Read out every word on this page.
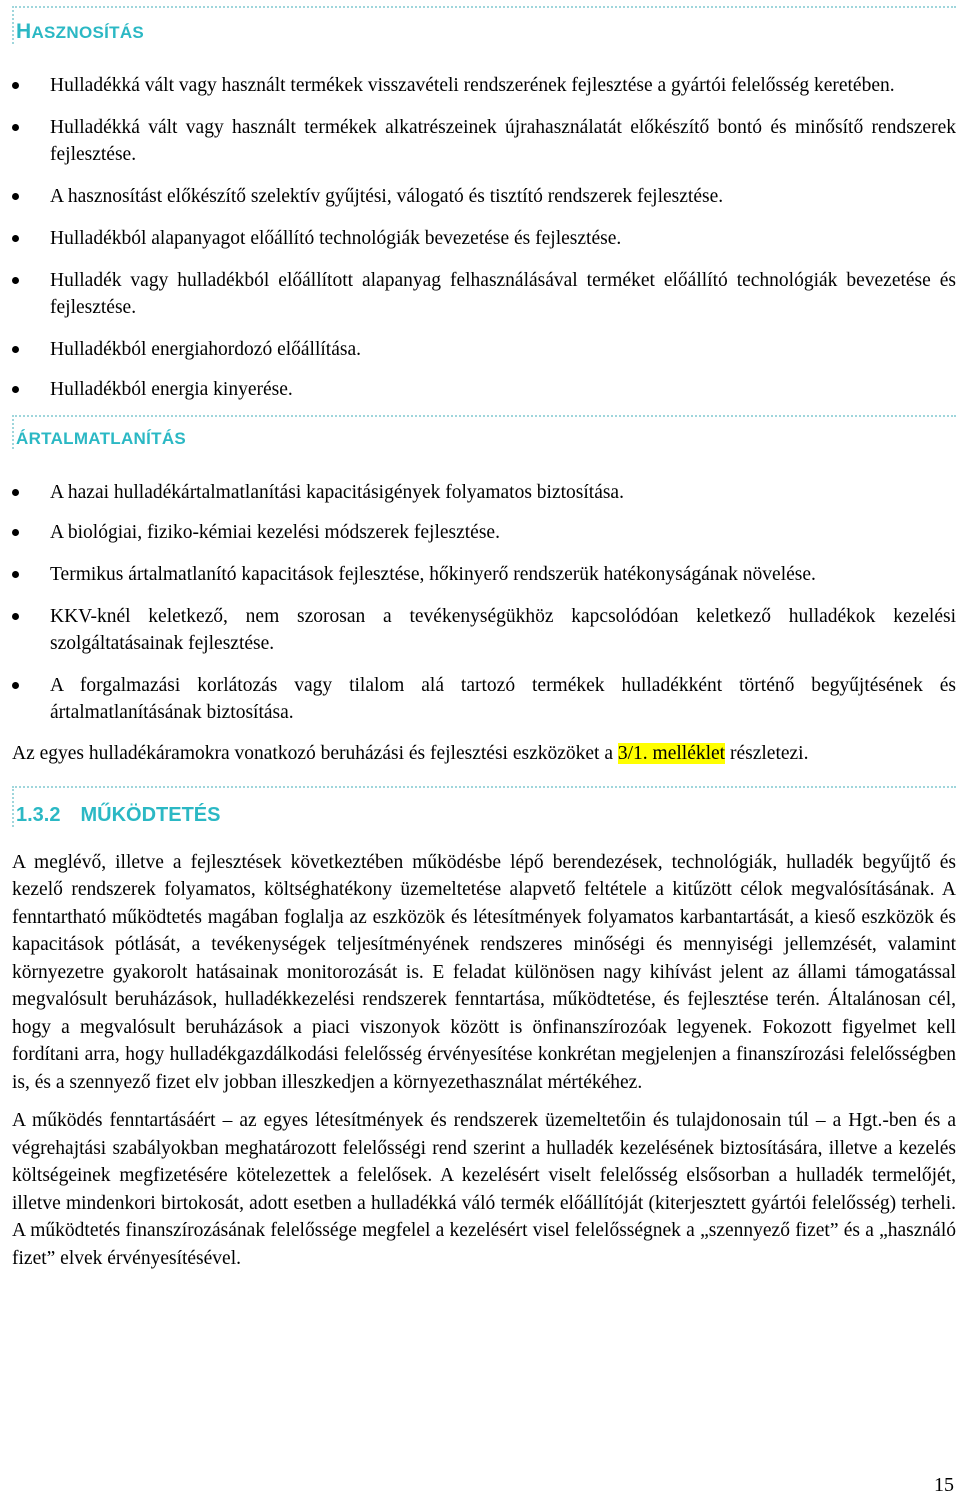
HASZNOSÍTÁS
Hulladékká vált vagy használt termékek visszavételi rendszerének fejlesztése a gyártói felelősség keretében.
Hulladékká vált vagy használt termékek alkatrészeinek újrahasználatát előkészítő bontó és minősítő rendszerek fejlesztése.
A hasznosítást előkészítő szelektív gyűjtési, válogató és tisztító rendszerek fejlesztése.
Hulladékból alapanyagot előállító technológiák bevezetése és fejlesztése.
Hulladék vagy hulladékból előállított alapanyag felhasználásával terméket előállító technológiák bevezetése és fejlesztése.
Hulladékból energiahordozó előállítása.
Hulladékból energia kinyerése.
ÁRTALMATLANÍTÁS
A hazai hulladékártalmatlanítási kapacitásigények folyamatos biztosítása.
A biológiai, fiziko-kémiai kezelési módszerek fejlesztése.
Termikus ártalmatlanító kapacitások fejlesztése, hőkinyerő rendszerük hatékonyságának növelése.
KKV-knél keletkező, nem szorosan a tevékenységükhöz kapcsolódóan keletkező hulladékok kezelési szolgáltatásainak fejlesztése.
A forgalmazási korlátozás vagy tilalom alá tartozó termékek hulladékként történő begyűjtésének és ártalmatlanításának biztosítása.

Az egyes hulladékáramokra vonatkozó beruházási és fejlesztési eszközöket a 3/1. melléklet részletezi.

1.3.2 MŰKÖDTETÉS

A meglévő, illetve a fejlesztések következtében működésbe lépő berendezések, technológiák, hulladék begyűjtő és kezelő rendszerek folyamatos, költséghatékony üzemeltetése alapvető feltétele a kitűzött célok megvalósításának. A fenntartható működtetés magában foglalja az eszközök és létesítmények folyamatos karbantartását, a kieső eszközök és kapacitások pótlását, a tevékenységek teljesítményének rendszeres minőségi és mennyiségi jellemzését, valamint környezetre gyakorolt hatásainak monitorozását is. E feladat különösen nagy kihívást jelent az állami támogatással megvalósult beruházások, hulladékkezelési rendszerek fenntartása, működtetése, és fejlesztése terén. Általánosan cél, hogy a megvalósult beruházások a piaci viszonyok között is önfinanszírozóak legyenek. Fokozott figyelmet kell fordítani arra, hogy hulladékgazdálkodási felelősség érvényesítése konkrétan megjelenjen a finanszírozási felelősségben is, és a szennyező fizet elv jobban illeszkedjen a környezethasználat mértékéhez.

A működés fenntartásáért – az egyes létesítmények és rendszerek üzemeltetőin és tulajdonosain túl – a Hgt.-ben és a végrehajtási szabályokban meghatározott felelősségi rend szerint a hulladék kezelésének biztosítására, illetve a kezelés költségeinek megfizetésére kötelezettek a felelősek. A kezelésért viselt felelősség elsősorban a hulladék termelőjét, illetve mindenkori birtokosát, adott esetben a hulladékká váló termék előállítóját (kiterjesztett gyártói felelősség) terheli. A működtetés finanszírozásának felelőssége megfelel a kezelésért visel felelősségnek a „szennyező fizet” és a „használó fizet” elvek érvényesítésével.

15
